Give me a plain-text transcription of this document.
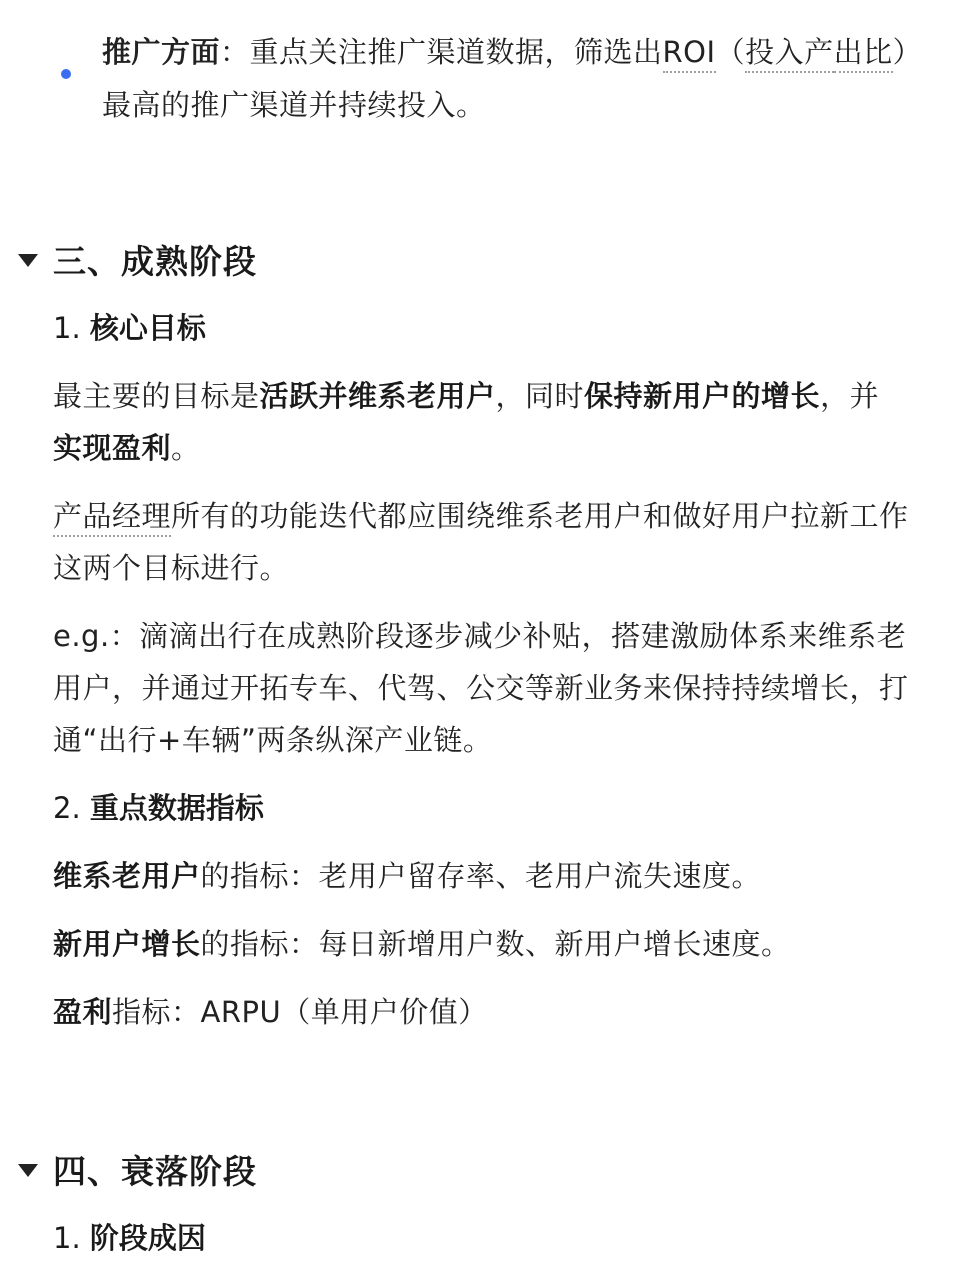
推广方面：重点关注推广渠道数据，筛选出ROI（投入产出比）最高的推广渠道并持续投入。
三、成熟阶段
1. 核心目标
最主要的目标是活跃并维系老用户，同时保持新用户的增长，并实现盈利。
产品经理所有的功能迭代都应围绕维系老用户和做好用户拉新工作这两个目标进行。
e.g.：滴滴出行在成熟阶段逐步减少补贴，搭建激励体系来维系老用户，并通过开拓专车、代驾、公交等新业务来保持持续增长，打通“出行+车辆”两条纵深产业链。
2. 重点数据指标
维系老用户的指标：老用户留存率、老用户流失速度。
新用户增长的指标：每日新增用户数、新用户增长速度。
盈利指标：ARPU（单用户价值）
四、衰落阶段
1. 阶段成因
